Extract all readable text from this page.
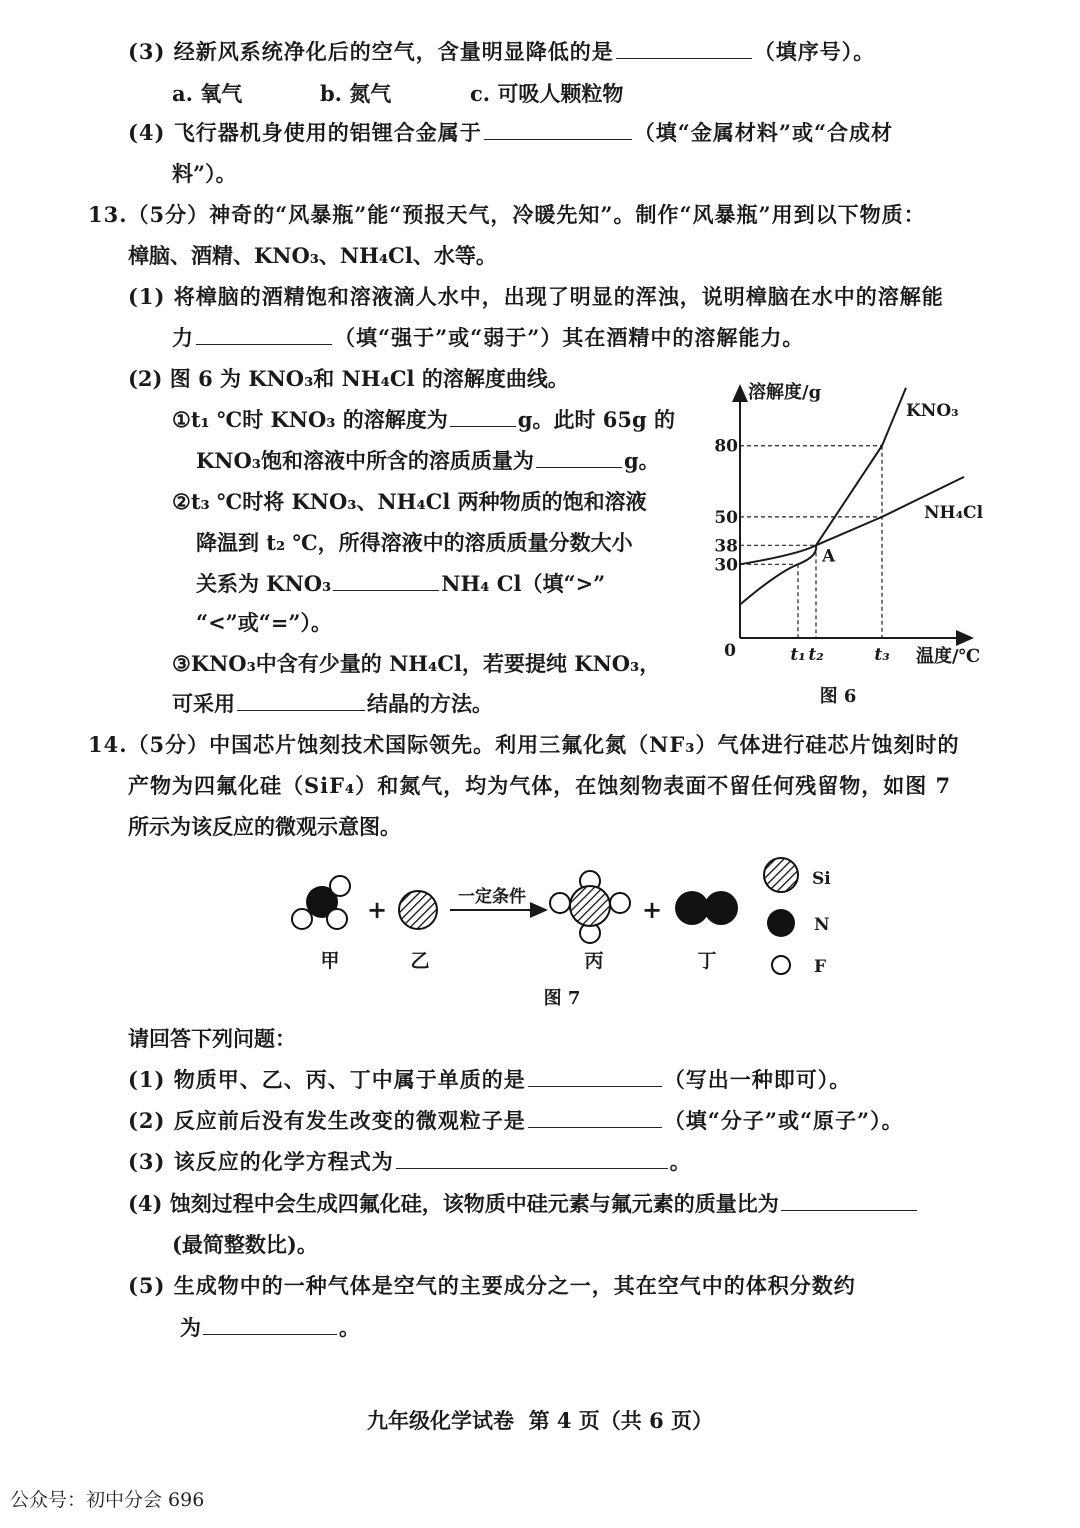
(3) 经新风系统净化后的空气，含量明显降低的是	（填序号）。
a. 氧气	b. 氮气	c. 可吸人颗粒物
(4) 飞行器机身使用的铝锂合金属于	（填“金属材料”或“合成材
料”）。
13.（5分）神奇的“风暴瓶”能“预报天气，冷暖先知”。制作“风暴瓶”用到以下物质：
樟脑、酒精、KNO₃、NH₄Cl、水等。
(1) 将樟脑的酒精饱和溶液滴人水中，出现了明显的浑浊，说明樟脑在水中的溶解能
力	（填“强于”或“弱于”）其在酒精中的溶解能力。
(2) 图 6 为 KNO₃和 NH₄Cl 的溶解度曲线。
①t₁ ℃时 KNO₃ 的溶解度为	g。此时 65g 的
KNO₃饱和溶液中所含的溶质质量为	g。
②t₃ ℃时将 KNO₃、NH₄Cl 两种物质的饱和溶液
降温到 t₂ ℃，所得溶液中的溶质质量分数大小
关系为 KNO₃	NH₄ Cl（填“>”
“<”或“=”）。
③KNO₃中含有少量的 NH₄Cl，若要提纯 KNO₃，
可采用	结晶的方法。
溶解度/g
温度/℃
0
80
50
38
30
t₁ t₂	t₃
A
KNO₃
NH₄Cl
图 6
14.（5分）中国芯片蚀刻技术国际领先。利用三氟化氮（NF₃）气体进行硅芯片蚀刻时的
产物为四氟化硅（SiF₄）和氮气，均为气体，在蚀刻物表面不留任何残留物，如图 7
所示为该反应的微观示意图。
+	一定条件	+
Si
N
F
甲	乙	丙	丁
图 7
请回答下列问题：
(1) 物质甲、乙、丙、丁中属于单质的是	（写出一种即可）。
(2) 反应前后没有发生改变的微观粒子是	（填“分子”或“原子”）。
(3) 该反应的化学方程式为	。
(4) 蚀刻过程中会生成四氟化硅，该物质中硅元素与氟元素的质量比为
(最简整数比)。
(5) 生成物中的一种气体是空气的主要成分之一，其在空气中的体积分数约
为	。
九年级化学试卷  第 4 页（共 6 页）
公众号：初中分会 696
